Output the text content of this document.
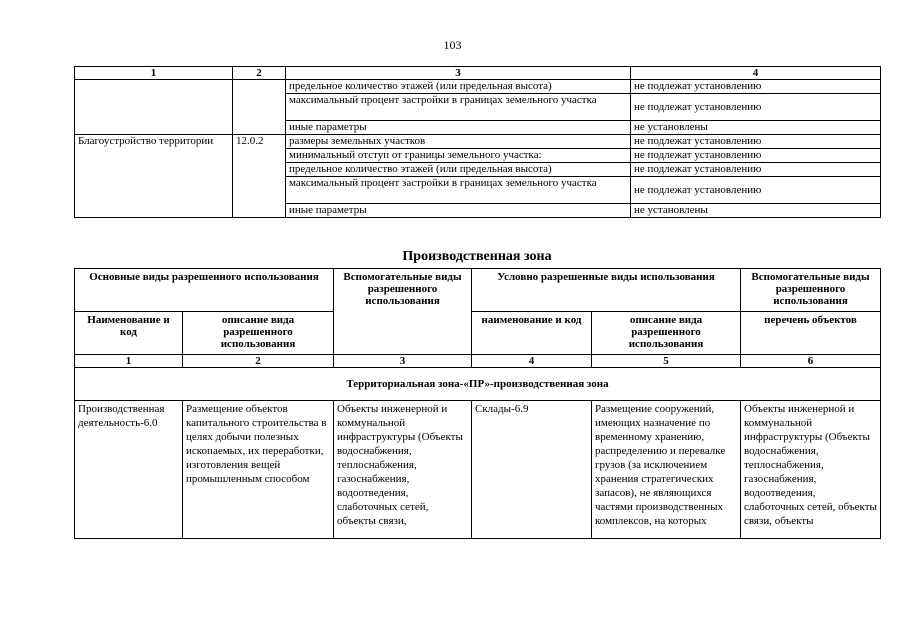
103
1	2	3	4
		предельное количество этажей (или предельная высота)	не подлежат установлению
		максимальный процент застройки в границах земельного участка	не подлежат установлению
		иные параметры	не установлены
Благоустройство территории	12.0.2	размеры земельных участков	не подлежат установлению
		минимальный отступ от границы земельного участка:	не подлежат установлению
		предельное количество этажей (или предельная высота)	не подлежат установлению
		максимальный процент застройки в границах земельного участка	не подлежат установлению
		иные параметры	не установлены
Производственная зона
Основные виды разрешенного использования		Вспомогательные виды разрешенного использования	Условно разрешенные виды использования		Вспомогательные виды разрешенного использования
Наименование и код	описание вида разрешенного использования		наименование и код	описание вида разрешенного использования	перечень объектов
1	2	3	4	5	6
Территориальная зона-«ПР»-производственная зона					
Производственная деятельность-6.0	Размещение объектов капитального строительства в целях добычи полезных ископаемых, их переработки, изготовления вещей промышленным способом	Объекты инженерной и коммунальной инфраструктуры (Объекты водоснабжения, теплоснабжения, газоснабжения, водоотведения, слаботочных сетей, объекты связи,	Склады-6.9	Размещение сооружений, имеющих назначение по временному хранению, распределению и перевалке грузов (за исключением хранения стратегических запасов), не являющихся частями производственных комплексов, на которых	Объекты инженерной и коммунальной инфраструктуры (Объекты водоснабжения, теплоснабжения, газоснабжения, водоотведения, слаботочных сетей, объекты связи, объекты
